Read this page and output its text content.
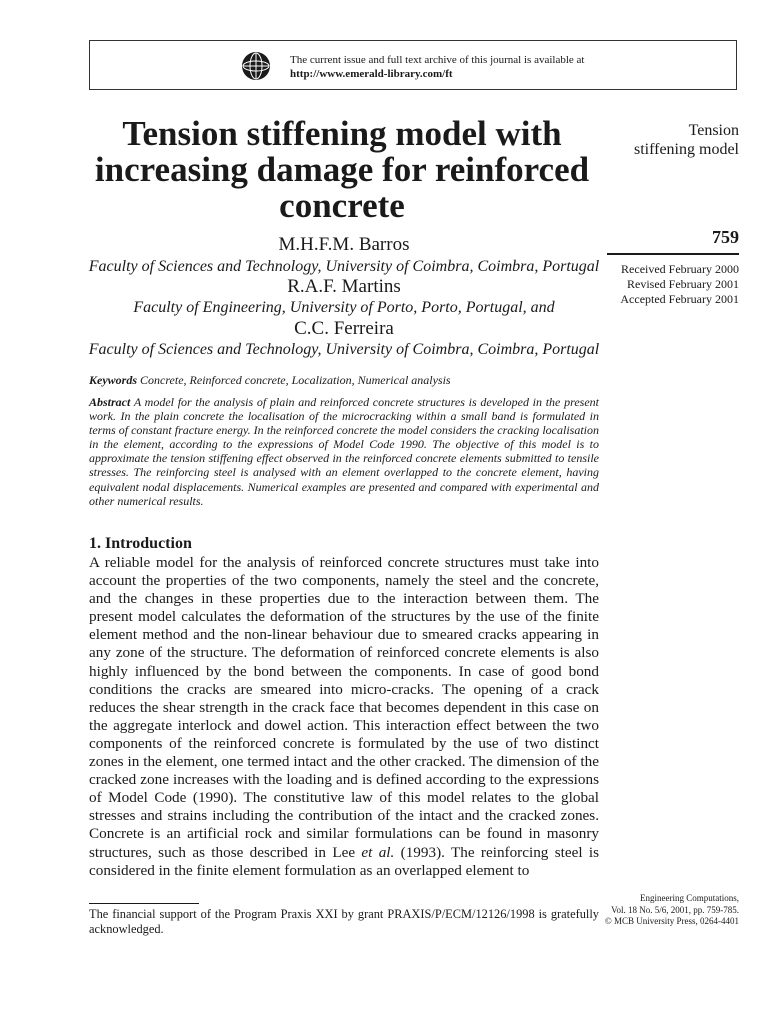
The current issue and full text archive of this journal is available at
http://www.emerald-library.com/ft
Tension stiffening model with increasing damage for reinforced concrete
M.H.F.M. Barros
Faculty of Sciences and Technology, University of Coimbra, Coimbra, Portugal
R.A.F. Martins
Faculty of Engineering, University of Porto, Porto, Portugal, and
C.C. Ferreira
Faculty of Sciences and Technology, University of Coimbra, Coimbra, Portugal
Tension
stiffening model
759
Received February 2000
Revised February 2001
Accepted February 2001
Keywords Concrete, Reinforced concrete, Localization, Numerical analysis
Abstract A model for the analysis of plain and reinforced concrete structures is developed in the present work. In the plain concrete the localisation of the microcracking within a small band is formulated in terms of constant fracture energy. In the reinforced concrete the model considers the cracking localisation in the element, according to the expressions of Model Code 1990. The objective of this model is to approximate the tension stiffening effect observed in the reinforced concrete elements submitted to tensile stresses. The reinforcing steel is analysed with an element overlapped to the concrete element, having equivalent nodal displacements. Numerical examples are presented and compared with experimental and other numerical results.
1. Introduction
A reliable model for the analysis of reinforced concrete structures must take into account the properties of the two components, namely the steel and the concrete, and the changes in these properties due to the interaction between them. The present model calculates the deformation of the structures by the use of the finite element method and the non-linear behaviour due to smeared cracks appearing in any zone of the structure. The deformation of reinforced concrete elements is also highly influenced by the bond between the components. In case of good bond conditions the cracks are smeared into micro-cracks. The opening of a crack reduces the shear strength in the crack face that becomes dependent in this case on the aggregate interlock and dowel action. This interaction effect between the two components of the reinforced concrete is formulated by the use of two distinct zones in the element, one termed intact and the other cracked. The dimension of the cracked zone increases with the loading and is defined according to the expressions of Model Code (1990). The constitutive law of this model relates to the global stresses and strains including the contribution of the intact and the cracked zones. Concrete is an artificial rock and similar formulations can be found in masonry structures, such as those described in Lee et al. (1993). The reinforcing steel is considered in the finite element formulation as an overlapped element to
The financial support of the Program Praxis XXI by grant PRAXIS/P/ECM/12126/1998 is gratefully acknowledged.
Engineering Computations,
Vol. 18 No. 5/6, 2001, pp. 759-785.
© MCB University Press, 0264-4401
